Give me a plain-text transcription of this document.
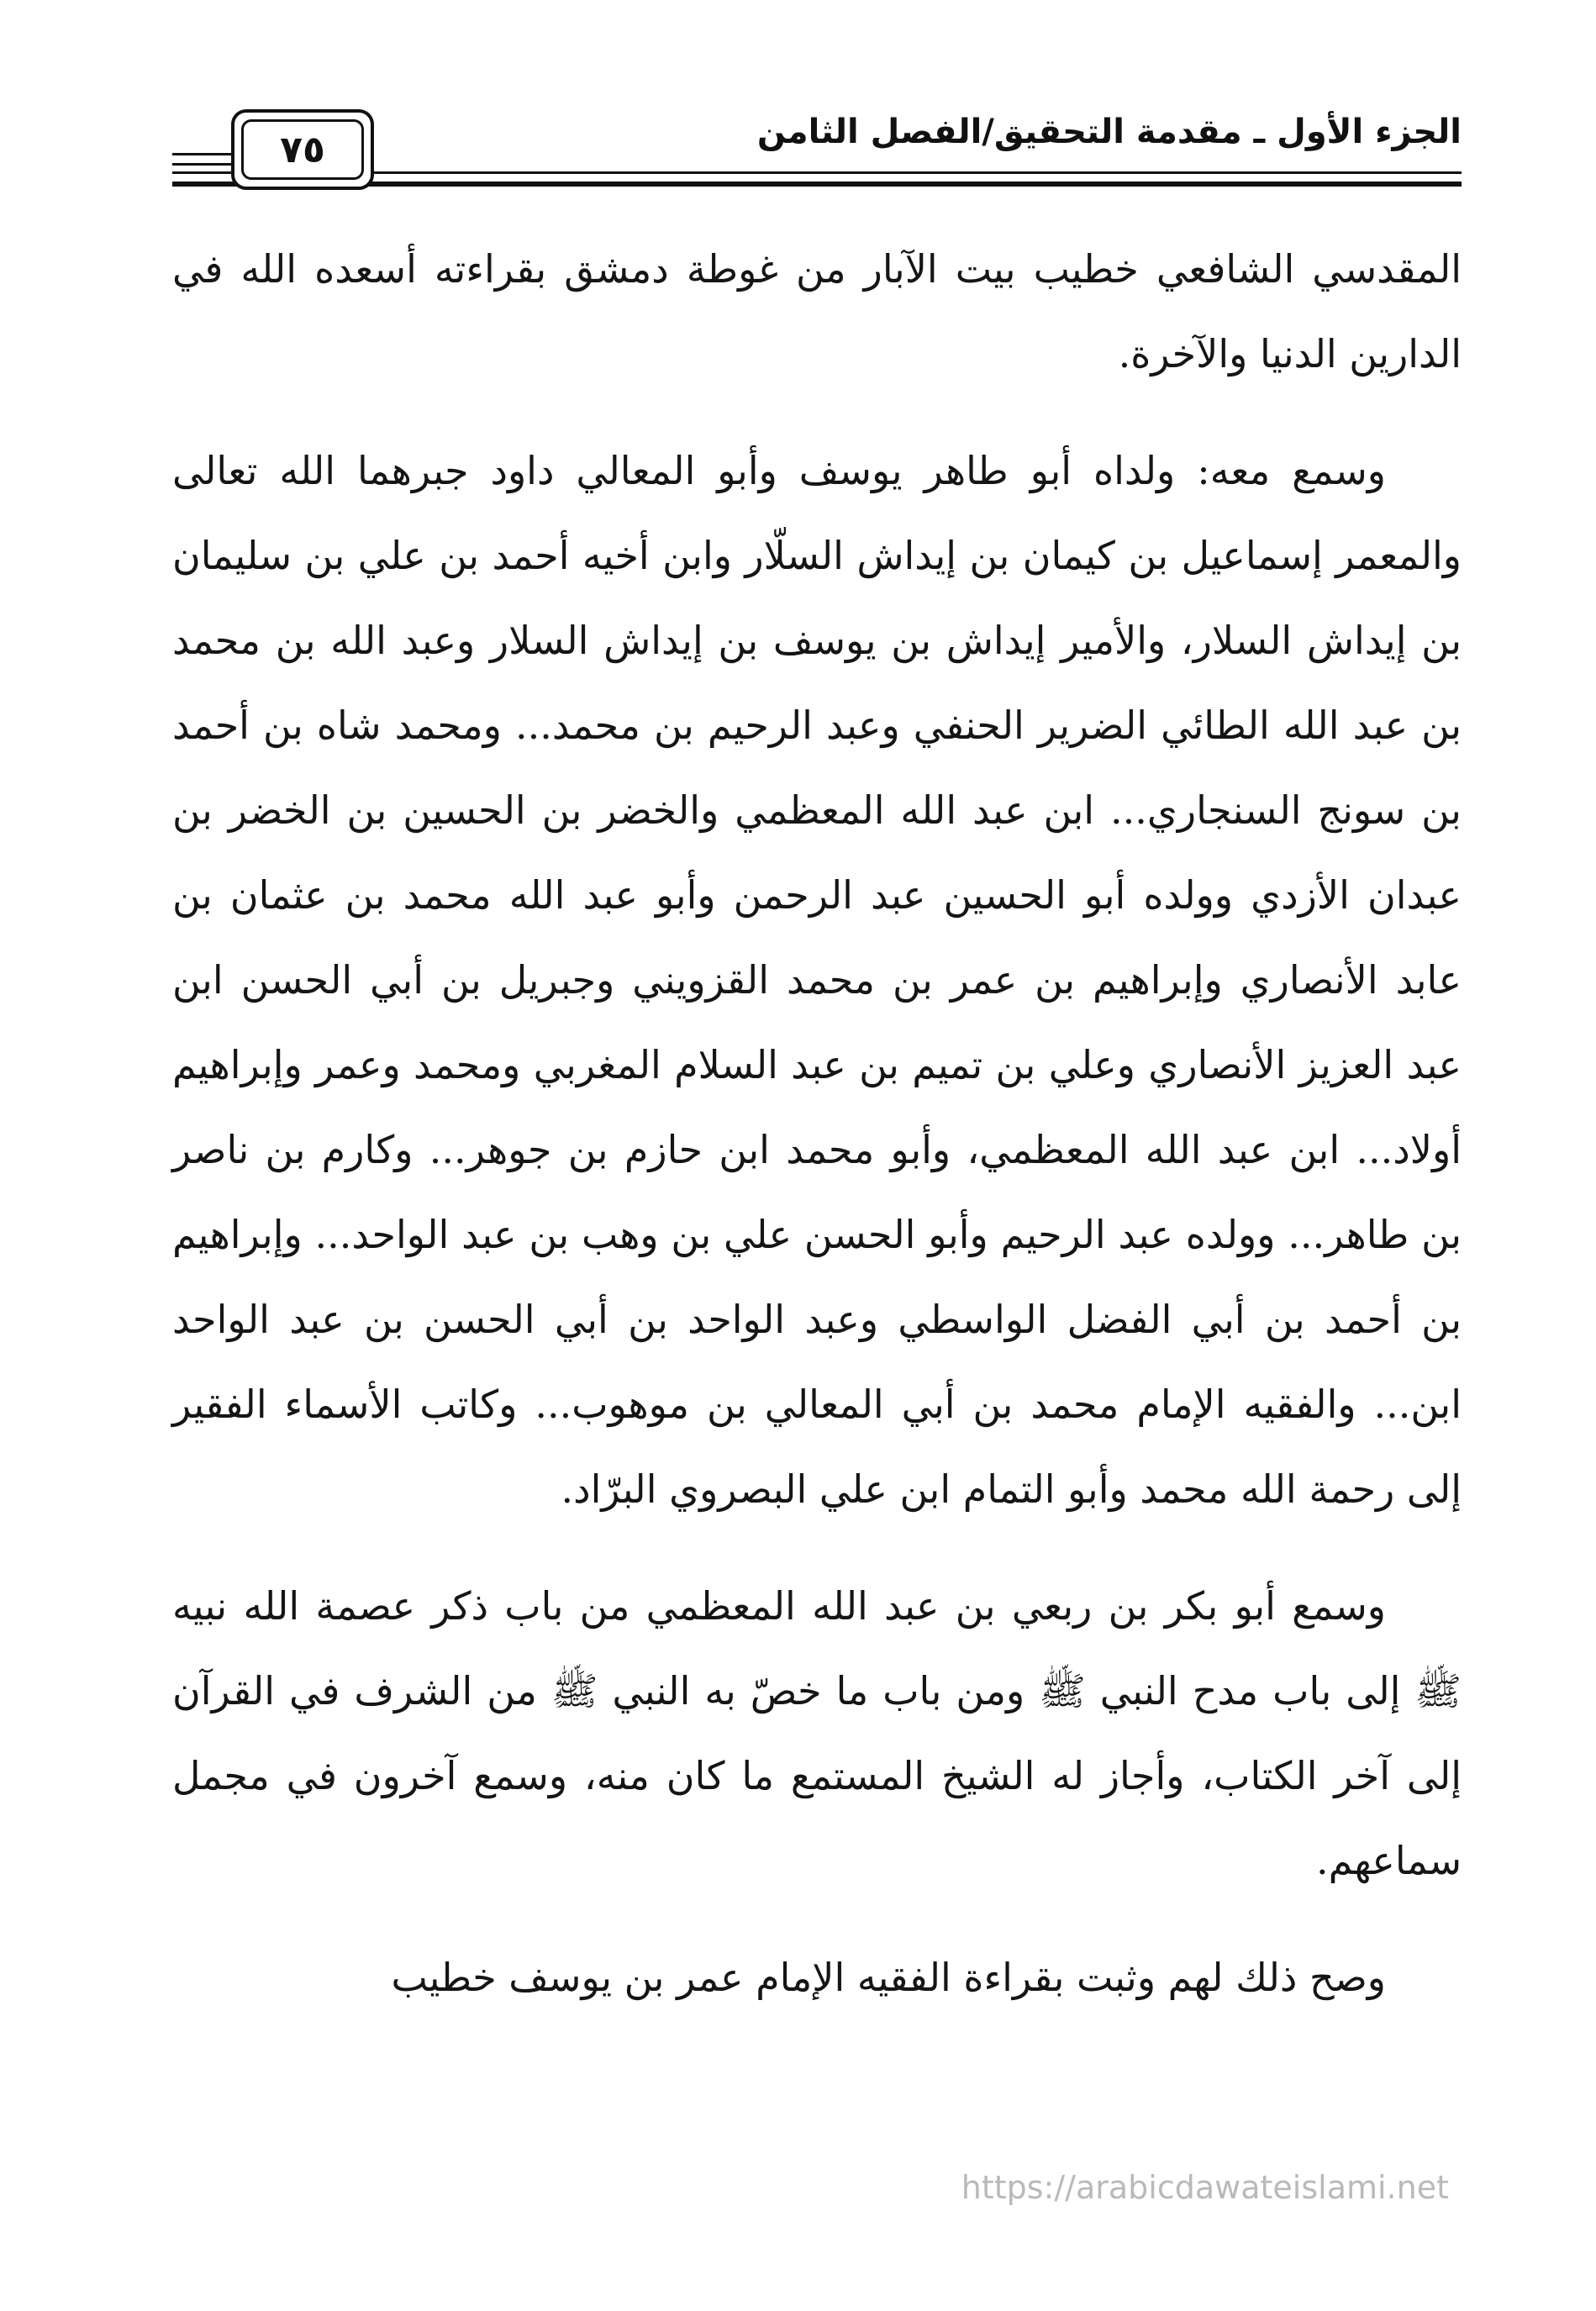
الجزء الأول ـ مقدمة التحقيق/الفصل الثامن
٧٥

المقدسي الشافعي خطيب بيت الآبار من غوطة دمشق بقراءته أسعده الله في الدارين الدنيا والآخرة.

وسمع معه: ولداه أبو طاهر يوسف وأبو المعالي داود جبرهما الله تعالى والمعمر إسماعيل بن كيمان بن إيداش السلّار وابن أخيه أحمد بن علي بن سليمان بن إيداش السلار، والأمير إيداش بن يوسف بن إيداش السلار وعبد الله بن محمد بن عبد الله الطائي الضرير الحنفي وعبد الرحيم بن محمد... ومحمد شاه بن أحمد بن سونج السنجاري... ابن عبد الله المعظمي والخضر بن الحسين بن الخضر بن عبدان الأزدي وولده أبو الحسين عبد الرحمن وأبو عبد الله محمد بن عثمان بن عابد الأنصاري وإبراهيم بن عمر بن محمد القزويني وجبريل بن أبي الحسن ابن عبد العزيز الأنصاري وعلي بن تميم بن عبد السلام المغربي ومحمد وعمر وإبراهيم أولاد... ابن عبد الله المعظمي، وأبو محمد ابن حازم بن جوهر... وكارم بن ناصر بن طاهر... وولده عبد الرحيم وأبو الحسن علي بن وهب بن عبد الواحد... وإبراهيم بن أحمد بن أبي الفضل الواسطي وعبد الواحد بن أبي الحسن بن عبد الواحد ابن... والفقيه الإمام محمد بن أبي المعالي بن موهوب... وكاتب الأسماء الفقير إلى رحمة الله محمد وأبو التمام ابن علي البصروي البرّاد.

وسمع أبو بكر بن ربعي بن عبد الله المعظمي من باب ذكر عصمة الله نبيه ﷺ إلى باب مدح النبي ﷺ ومن باب ما خصّ به النبي ﷺ من الشرف في القرآن إلى آخر الكتاب، وأجاز له الشيخ المستمع ما كان منه، وسمع آخرون في مجمل سماعهم.

وصح ذلك لهم وثبت بقراءة الفقيه الإمام عمر بن يوسف خطيب

https://arabicdawateislami.net
